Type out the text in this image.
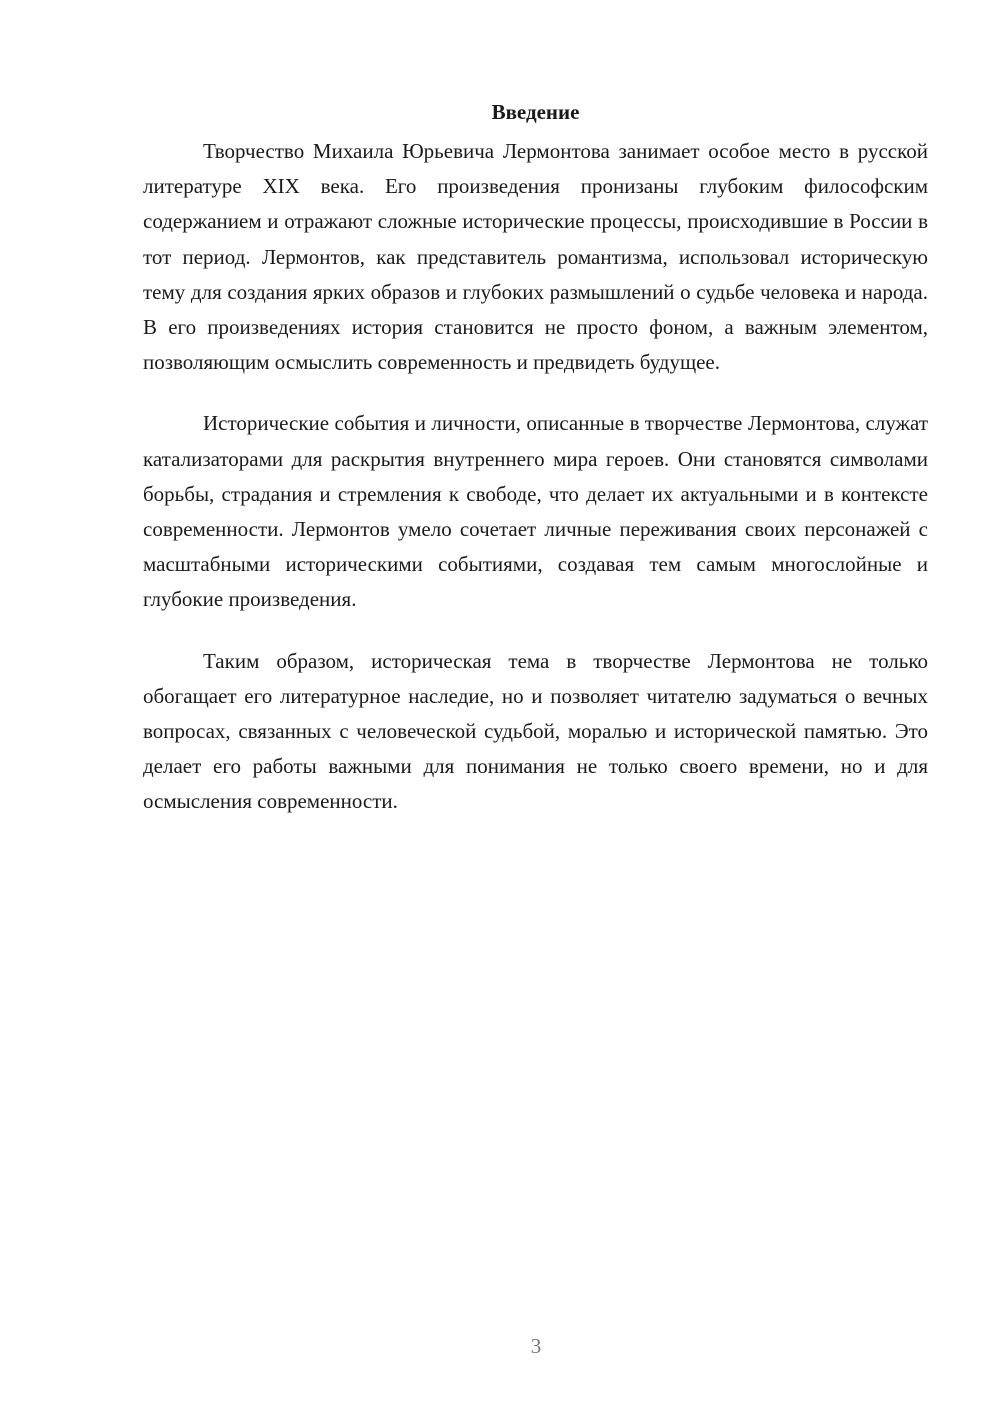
Введение

Творчество Михаила Юрьевича Лермонтова занимает особое место в русской литературе XIX века. Его произведения пронизаны глубоким философским содержанием и отражают сложные исторические процессы, происходившие в России в тот период. Лермонтов, как представитель романтизма, использовал историческую тему для создания ярких образов и глубоких размышлений о судьбе человека и народа. В его произведениях история становится не просто фоном, а важным элементом, позволяющим осмыслить современность и предвидеть будущее.

Исторические события и личности, описанные в творчестве Лермонтова, служат катализаторами для раскрытия внутреннего мира героев. Они становятся символами борьбы, страдания и стремления к свободе, что делает их актуальными и в контексте современности. Лермонтов умело сочетает личные переживания своих персонажей с масштабными историческими событиями, создавая тем самым многослойные и глубокие произведения.

Таким образом, историческая тема в творчестве Лермонтова не только обогащает его литературное наследие, но и позволяет читателю задуматься о вечных вопросах, связанных с человеческой судьбой, моралью и исторической памятью. Это делает его работы важными для понимания не только своего времени, но и для осмысления современности.

3
